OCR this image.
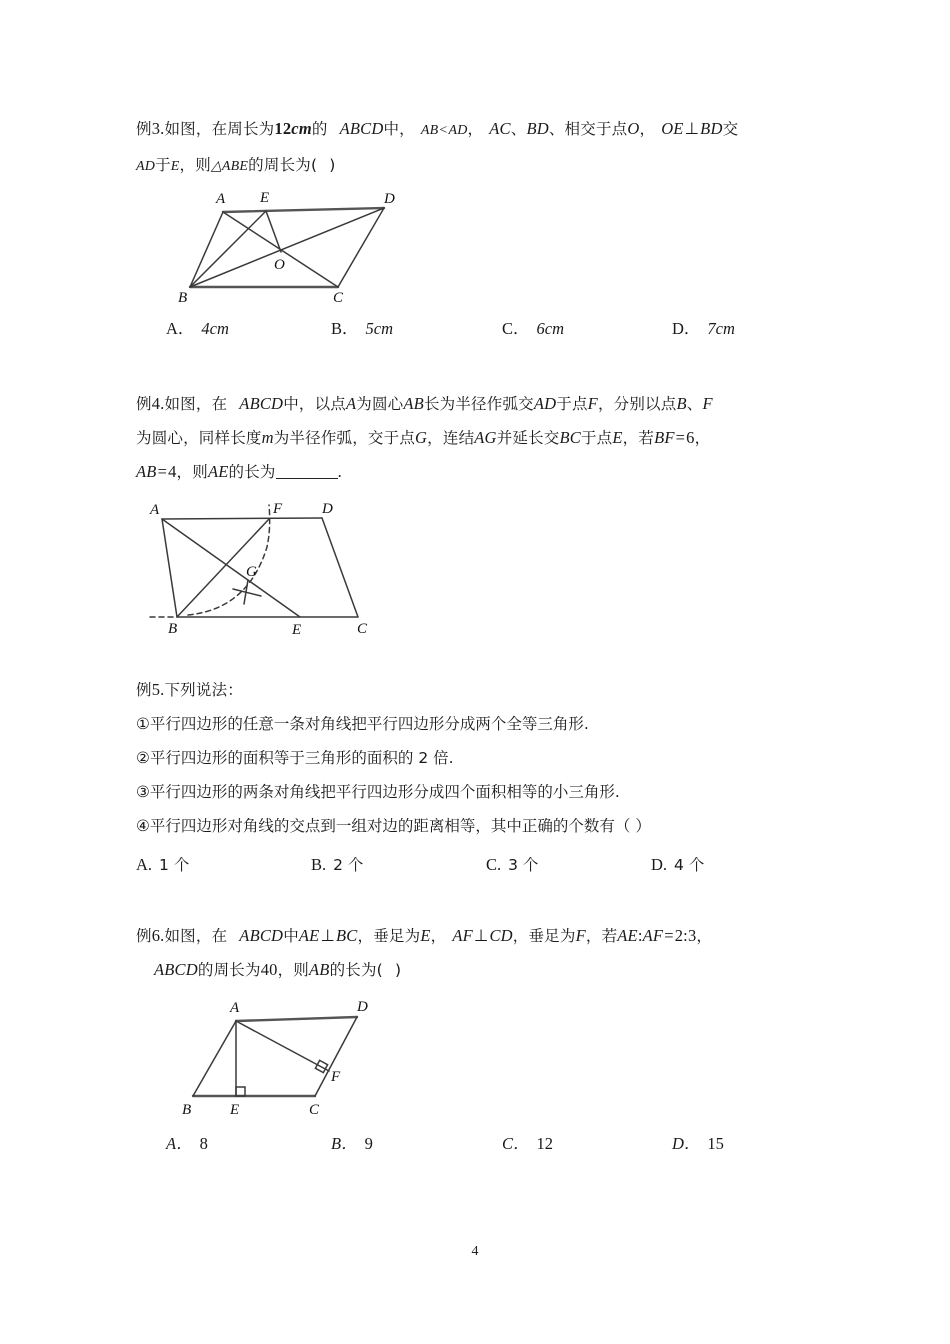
例3.如图，在周长为12cm的 ABCD中， AB<AD， AC、BD、相交于点O， OE⊥BD交
AD于E，则△ABE的周长为( )
A E	D
O
B	C
A． 4cm	B． 5cm	C． 6cm	D． 7cm
例4.如图，在 ABCD中，以点A为圆心AB长为半径作弧交AD于点F，分别以点B、F
为圆心，同样长度m为半径作弧，交于点G，连结AG并延长交BC于点E，若BF=6，
AB=4，则AE的长为	.
A	F	D
G
B	E	C
例5.下列说法：
①平行四边形的任意一条对角线把平行四边形分成两个全等三角形.
②平行四边形的面积等于三角形的面积的 2 倍.
③平行四边形的两条对角线把平行四边形分成四个面积相等的小三角形.
④平行四边形对角线的交点到一组对边的距离相等，其中正确的个数有（ ）
A. 1 个	B. 2 个	C. 3 个	D. 4 个
例6.如图，在 ABCD中AE⊥BC，垂足为E， AF⊥CD，垂足为F，若AE:AF=2:3，
ABCD的周长为40，则AB的长为( )
A	D
F
B	E	C
A． 8	B． 9	C． 12	D． 15
4
